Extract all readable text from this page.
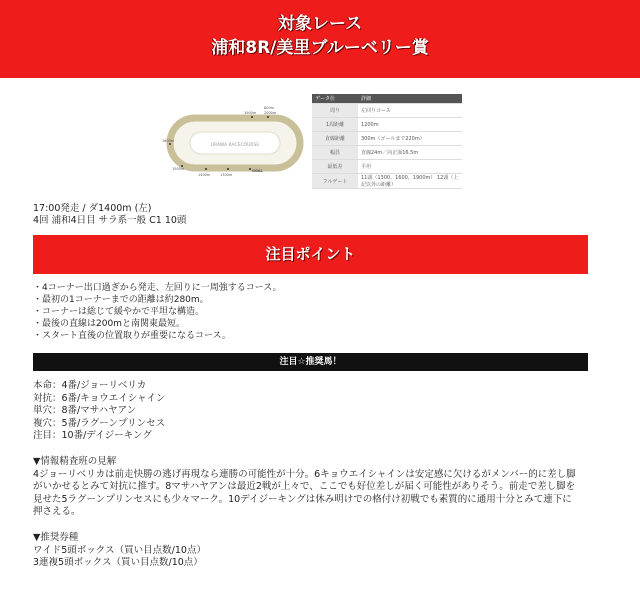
対象レース
浦和8R/美里ブルーベリー賞
URAWA RACECOURSE
800m
2000m
1900m
1600m
1500m
1400m	1300m
GOAL
データ仕	詳細
周り	左回りコース
1周距離	1200m
直線距離	300m（ゴールまで220m）
幅員	直線24m／向正面16.5m
最低差	平坦
フルゲート	11頭（1300、1600、1900m） 12頭（上記以外の距離）
17:00発走 / ダ1400m (左)
4回 浦和4日目 サラ系一般 C1 10頭
注目ポイント
・4コーナー出口過ぎから発走、左回りに一周強するコース。
・最初の1コーナーまでの距離は約280m。
・コーナーは総じて緩やかで平坦な構造。
・最後の直線は200mと南関東最短。
・スタート直後の位置取りが重要になるコース。
注目☆推奨馬！
本命：4番/ジョーリベリカ
対抗：6番/キョウエイシャイン
単穴：8番/マサハヤアン
複穴：5番/ラグーンプリンセス
注目：10番/デイジーキング
▼情報精査班の見解
4ジョーリベリカは前走快勝の逃げ再現なら連勝の可能性が十分。6キョウエイシャインは安定感に欠けるがメンバー的に差し脚
がいかせるとみて対抗に推す。8マサハヤアンは最近2戦が上々で、ここでも好位差しが届く可能性がありそう。前走で差し脚を
見せた5ラグーンプリンセスにも少々マーク。10デイジーキングは休み明けでの格付け初戦でも素質的に通用十分とみて連下に
押さえる。
▼推奨券種
ワイド5頭ボックス（買い目点数/10点）
3連複5頭ボックス（買い目点数/10点）
